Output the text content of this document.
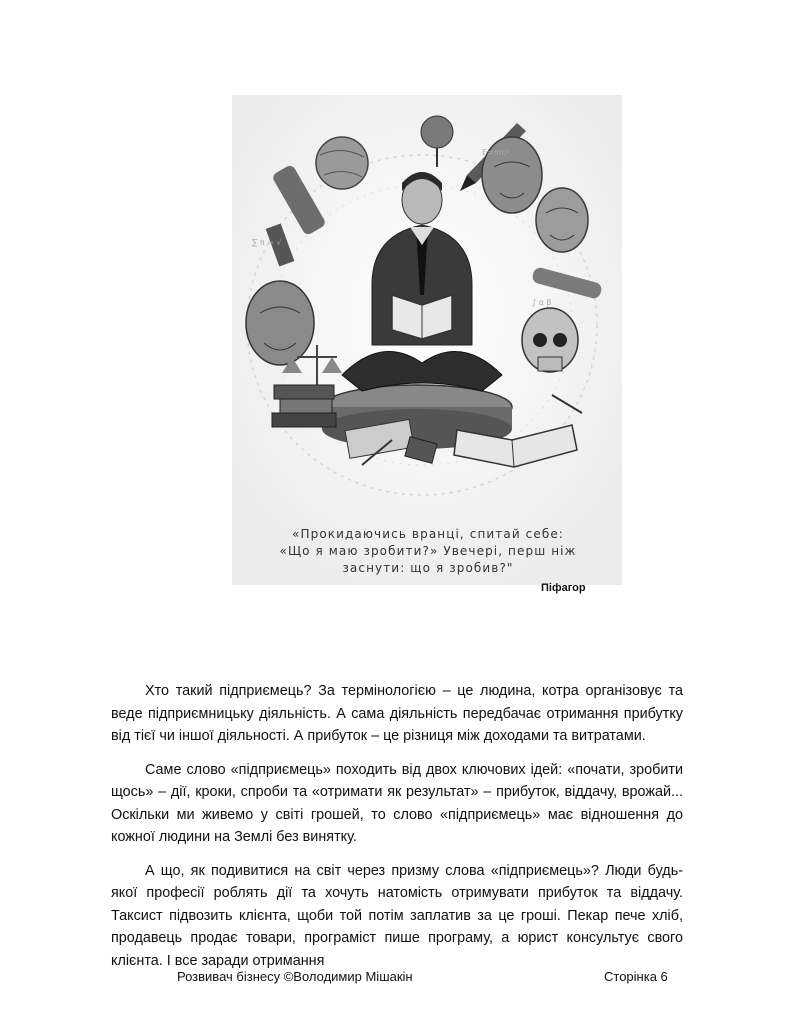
∑ π ∞ √
∫ α β
E=mc²
«Прокидаючись вранці, спитай себе:
«Що я маю зробити?» Увечері, перш ніж
заснути: що я зробив?"
Піфагор

Хто такий підприємець? За термінологією – це людина, котра організовує та веде підприємницьку діяльність. А сама діяльність передбачає отримання прибутку від тієї чи іншої діяльності. А прибуток – це різниця між доходами та витратами.

Саме слово «підприємець» походить від двох ключових ідей: «почати, зробити щось» – дії, кроки, спроби та «отримати як результат» – прибуток, віддачу, врожай... Оскільки ми живемо у світі грошей, то слово «підприємець» має відношення до кожної людини на Землі без винятку.

А що, як подивитися на світ через призму слова «підприємець»? Люди будь-якої професії роблять дії та хочуть натомість отримувати прибуток та віддачу. Таксист підвозить клієнта, щоби той потім заплатив за це гроші. Пекар пече хліб, продавець продає товари, програміст пише програму, а юрист консультує свого клієнта. І все заради отримання

Розвивач бізнесу ©Володимир Мішакін	Сторінка 6
